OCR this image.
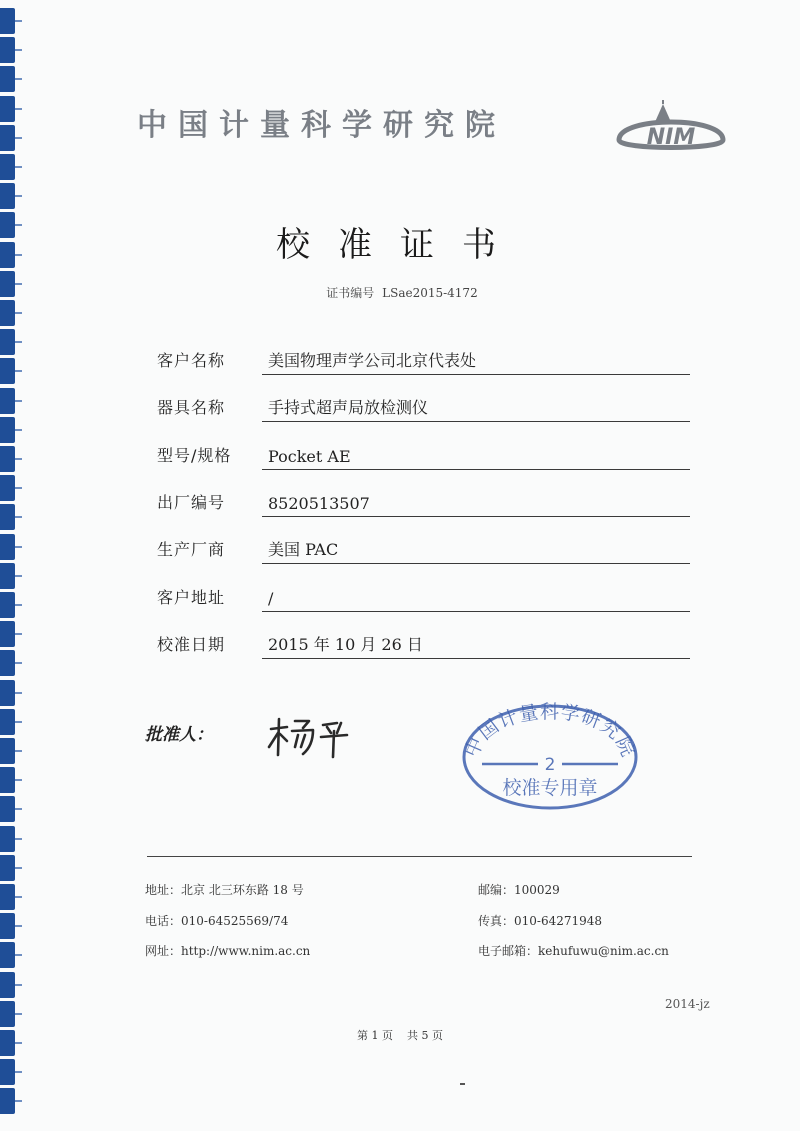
中国计量科学研究院	NIM
校准证书
证书编号 LSae2015-4172
客户名称	美国物理声学公司北京代表处
器具名称	手持式超声局放检测仪
型号/规格	Pocket AE
出厂编号	8520513507
生产厂商	美国 PAC
客户地址	/
校准日期	2015 年 10 月 26 日
批准人：	中国计量科学研究院
2
校准专用章
地址：北京 北三环东路 18 号	邮编：100029
电话：010-64525569/74	传真：010-64271948
网址：http://www.nim.ac.cn	电子邮箱：kehufuwu@nim.ac.cn
2014-jz
第 1 页    共 5 页
